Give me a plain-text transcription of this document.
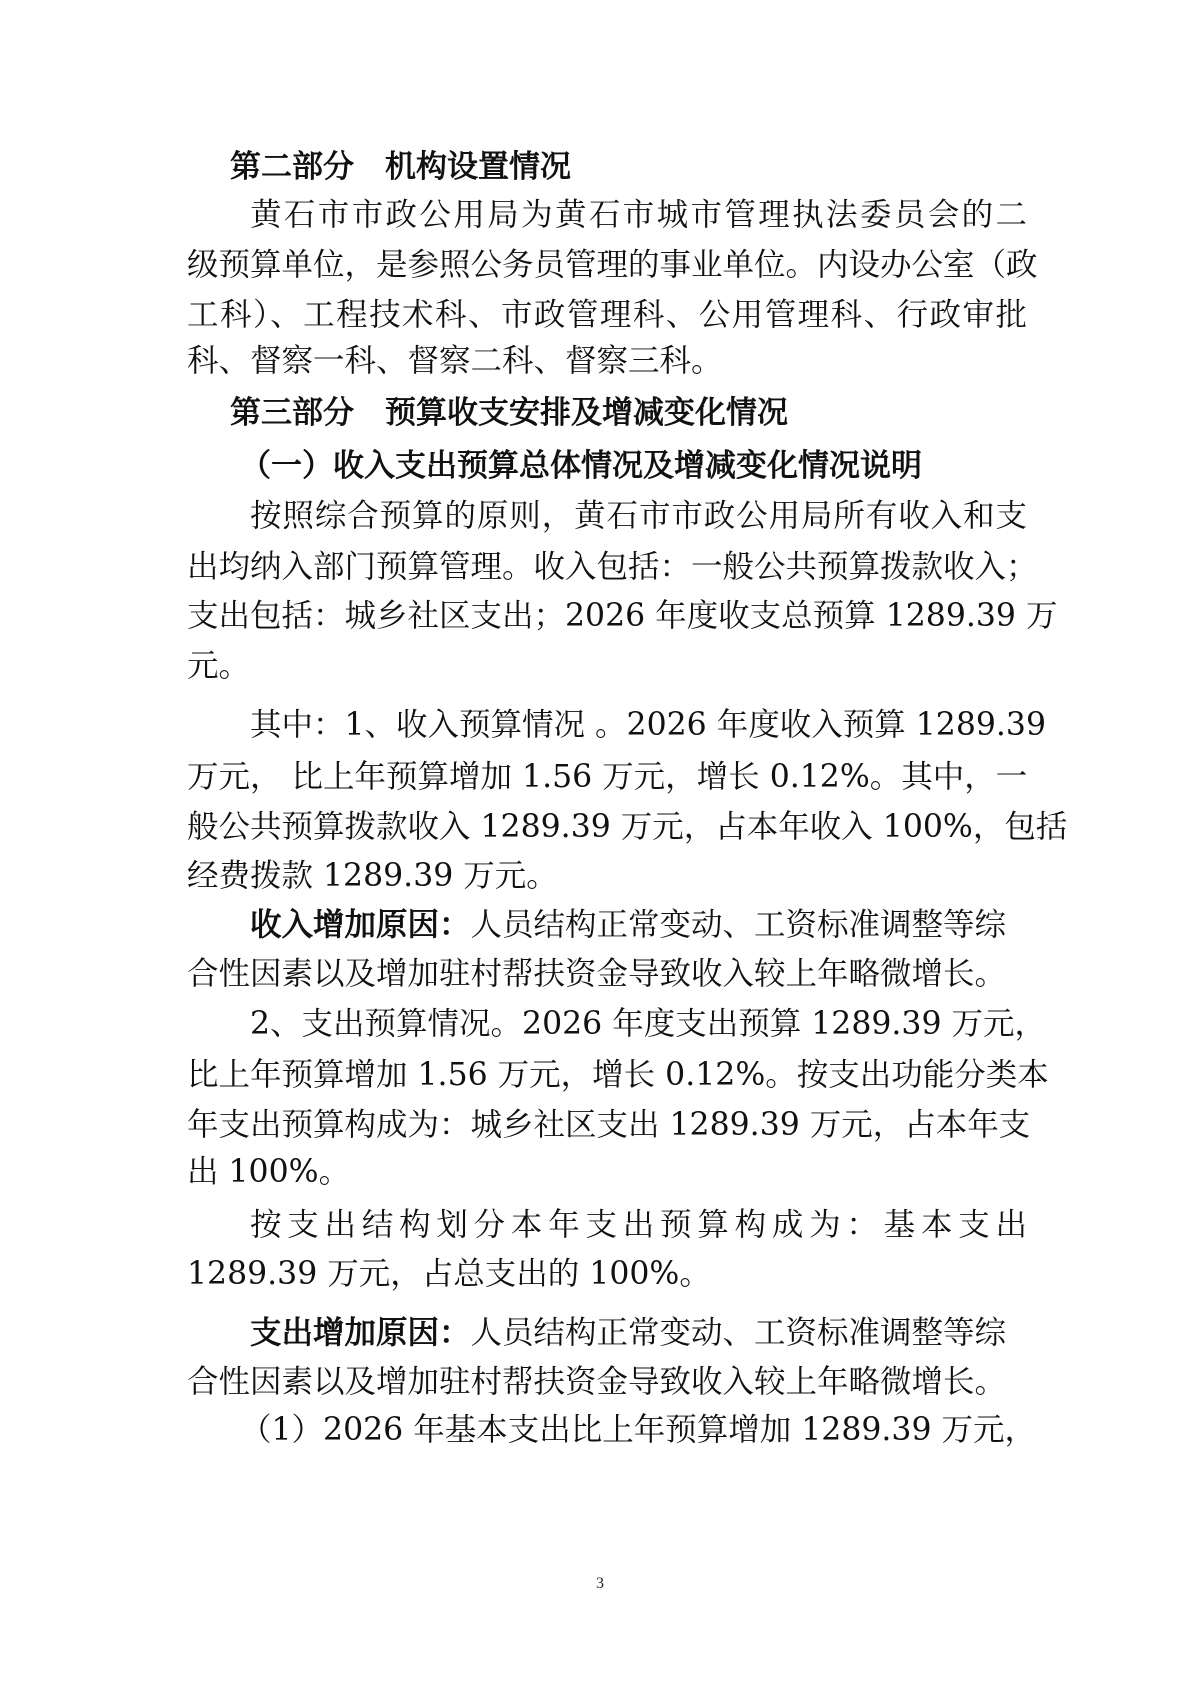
第二部分　机构设置情况
黄石市市政公用局为黄石市城市管理执法委员会的二
级预算单位，是参照公务员管理的事业单位。内设办公室（政
工科）、工程技术科、市政管理科、公用管理科、行政审批
科、督察一科、督察二科、督察三科。
第三部分　预算收支安排及增减变化情况
（一）收入支出预算总体情况及增减变化情况说明
按照综合预算的原则，黄石市市政公用局所有收入和支
出均纳入部门预算管理。收入包括：一般公共预算拨款收入；
支出包括：城乡社区支出；2026 年度收支总预算 1289.39 万
元。
其中：1、收入预算情况 。2026 年度收入预算 1289.39
万元， 比上年预算增加 1.56 万元，增长 0.12%。其中，一
般公共预算拨款收入 1289.39 万元，占本年收入 100%，包括
经费拨款 1289.39 万元。
收入增加原因：人员结构正常变动、工资标准调整等综
合性因素以及增加驻村帮扶资金导致收入较上年略微增长。
2、支出预算情况。2026 年度支出预算 1289.39 万元，
比上年预算增加 1.56 万元，增长 0.12%。按支出功能分类本
年支出预算构成为：城乡社区支出 1289.39 万元，占本年支
出 100%。
按支出结构划分本年支出预算构成为：基本支出
1289.39 万元，占总支出的 100%。
支出增加原因：人员结构正常变动、工资标准调整等综
合性因素以及增加驻村帮扶资金导致收入较上年略微增长。
（1）2026 年基本支出比上年预算增加 1289.39 万元，
3
